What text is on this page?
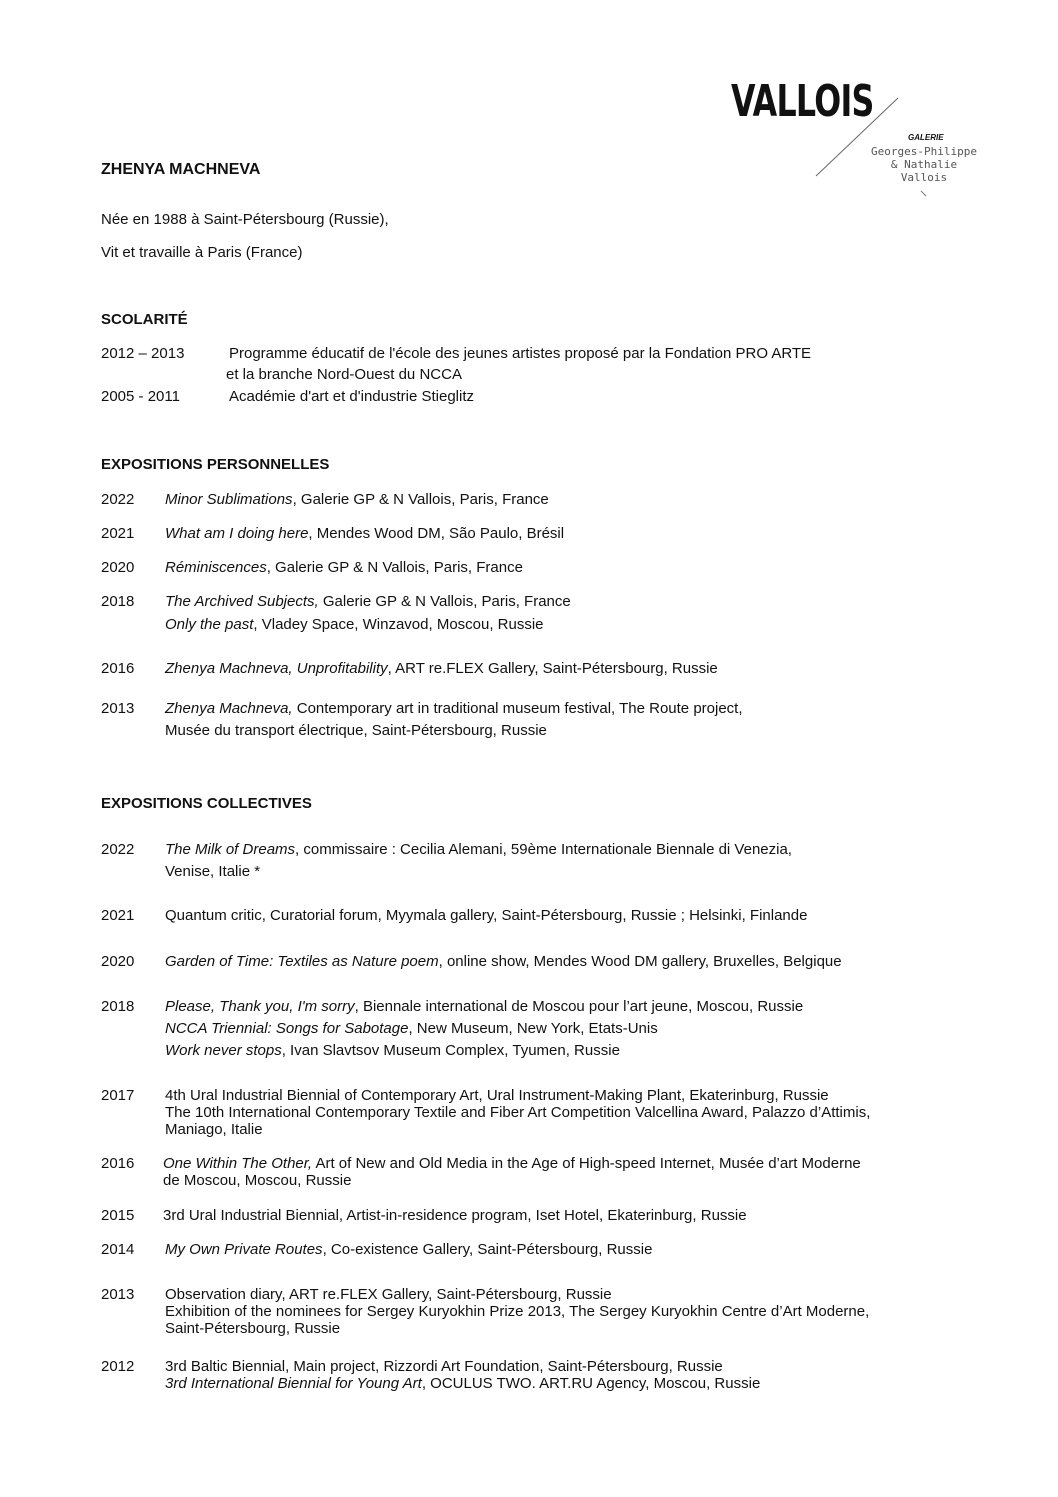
VALLOIS
GALERIE
Georges-Philippe
& Nathalie
Vallois
ZHENYA MACHNEVA
Née en 1988 à Saint-Pétersbourg (Russie),
Vit et travaille à Paris (France)
SCOLARITÉ
2012 – 2013	Programme éducatif de l'école des jeunes artistes proposé par la Fondation PRO ARTE
et la branche Nord-Ouest du NCCA
2005 - 2011	Académie d'art et d'industrie Stieglitz
EXPOSITIONS PERSONNELLES
2022 Minor Sublimations, Galerie GP & N Vallois, Paris, France
2021 What am I doing here, Mendes Wood DM, São Paulo, Brésil
2020 Réminiscences, Galerie GP & N Vallois, Paris, France
2018 The Archived Subjects, Galerie GP & N Vallois, Paris, France
Only the past, Vladey Space, Winzavod, Moscou, Russie
2016 Zhenya Machneva, Unprofitability, ART re.FLEX Gallery, Saint-Pétersbourg, Russie
2013 Zhenya Machneva, Contemporary art in traditional museum festival, The Route project,
Musée du transport électrique, Saint-Pétersbourg, Russie
EXPOSITIONS COLLECTIVES
2022 The Milk of Dreams, commissaire : Cecilia Alemani, 59ème Internationale Biennale di Venezia,
Venise, Italie *
2021 Quantum critic, Curatorial forum, Myymala gallery, Saint-Pétersbourg, Russie ; Helsinki, Finlande
2020 Garden of Time: Textiles as Nature poem, online show, Mendes Wood DM gallery, Bruxelles, Belgique
2018 Please, Thank you, I'm sorry, Biennale international de Moscou pour l’art jeune, Moscou, Russie
NCCA Triennial: Songs for Sabotage, New Museum, New York, Etats-Unis
Work never stops, Ivan Slavtsov Museum Complex, Tyumen, Russie
2017 4th Ural Industrial Biennial of Contemporary Art, Ural Instrument-Making Plant, Ekaterinburg, Russie
The 10th International Contemporary Textile and Fiber Art Competition Valcellina Award, Palazzo d’Attimis,
Maniago, Italie
2016 One Within The Other, Art of New and Old Media in the Age of High-speed Internet, Musée d’art Moderne
de Moscou, Moscou, Russie
2015 3rd Ural Industrial Biennial, Artist-in-residence program, Iset Hotel, Ekaterinburg, Russie
2014 My Own Private Routes, Co-existence Gallery, Saint-Pétersbourg, Russie
2013 Observation diary, ART re.FLEX Gallery, Saint-Pétersbourg, Russie
Exhibition of the nominees for Sergey Kuryokhin Prize 2013, The Sergey Kuryokhin Centre d’Art Moderne,
Saint-Pétersbourg, Russie
2012 3rd Baltic Biennial, Main project, Rizzordi Art Foundation, Saint-Pétersbourg, Russie
3rd International Biennial for Young Art, OCULUS TWO. ART.RU Agency, Moscou, Russie
